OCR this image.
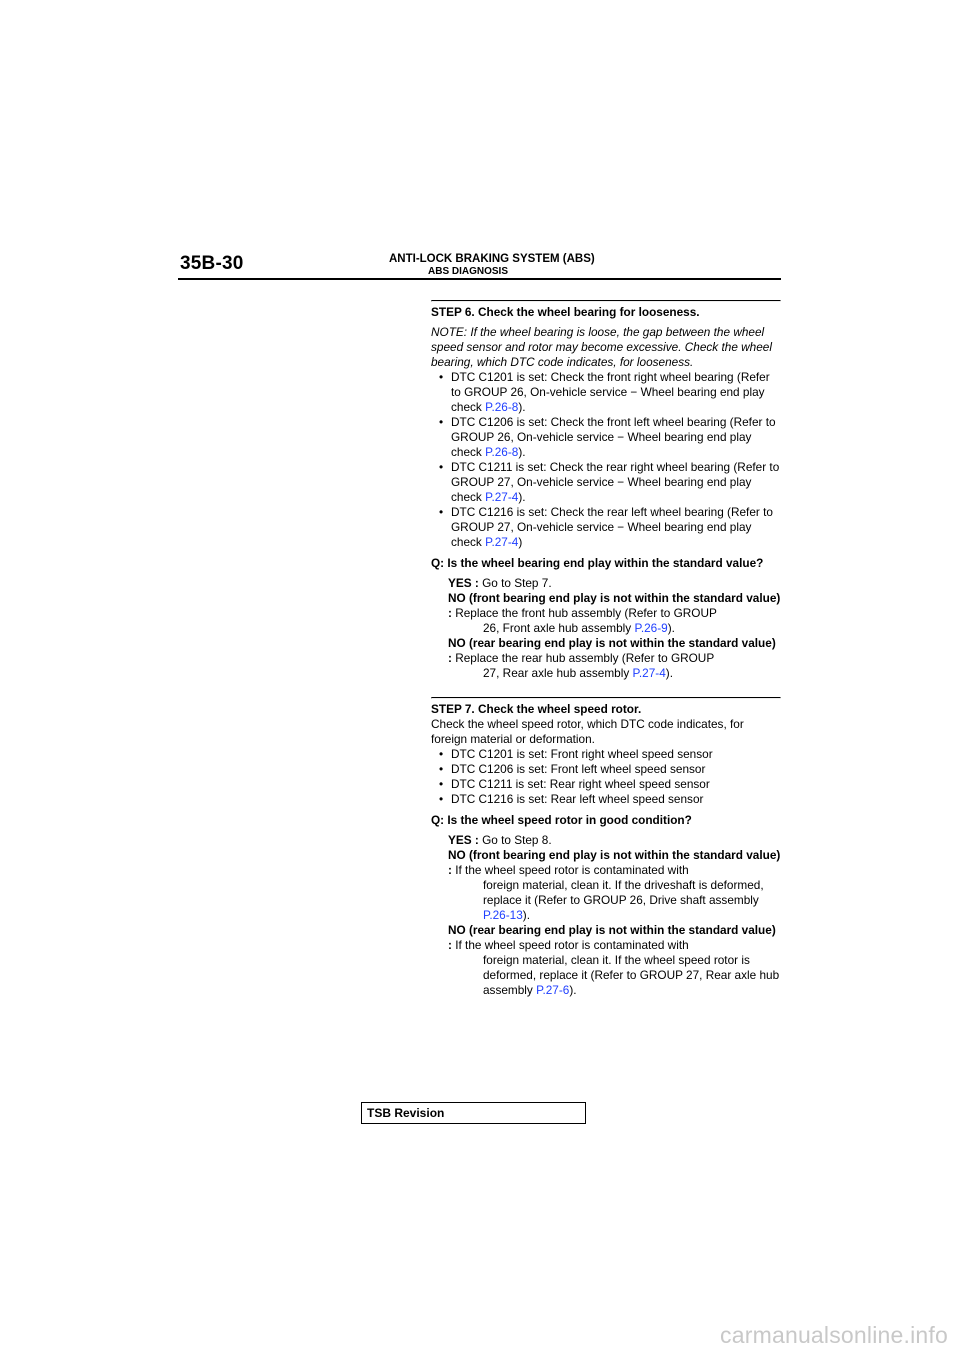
35B-30	ANTI-LOCK BRAKING SYSTEM (ABS)
ABS DIAGNOSIS
STEP 6. Check the wheel bearing for looseness.
NOTE: If the wheel bearing is loose, the gap between the wheel speed sensor and rotor may become excessive. Check the wheel bearing, which DTC code indicates, for looseness.
• DTC C1201 is set: Check the front right wheel bearing (Refer to GROUP 26, On-vehicle service − Wheel bearing end play check P.26-8).
• DTC C1206 is set: Check the front left wheel bearing (Refer to GROUP 26, On-vehicle service − Wheel bearing end play check P.26-8).
• DTC C1211 is set: Check the rear right wheel bearing (Refer to GROUP 27, On-vehicle service − Wheel bearing end play check P.27-4).
• DTC C1216 is set: Check the rear left wheel bearing (Refer to GROUP 27, On-vehicle service − Wheel bearing end play check P.27-4)
Q: Is the wheel bearing end play within the standard value?
YES : Go to Step 7.
NO (front bearing end play is not within the standard value) : Replace the front hub assembly (Refer to GROUP
26, Front axle hub assembly P.26-9).
NO (rear bearing end play is not within the standard value) : Replace the rear hub assembly (Refer to GROUP
27, Rear axle hub assembly P.27-4).
STEP 7. Check the wheel speed rotor.
Check the wheel speed rotor, which DTC code indicates, for foreign material or deformation.
• DTC C1201 is set: Front right wheel speed sensor
• DTC C1206 is set: Front left wheel speed sensor
• DTC C1211 is set: Rear right wheel speed sensor
• DTC C1216 is set: Rear left wheel speed sensor
Q: Is the wheel speed rotor in good condition?
YES : Go to Step 8.
NO (front bearing end play is not within the standard value) : If the wheel speed rotor is contaminated with
foreign material, clean it. If the driveshaft is deformed, replace it (Refer to GROUP 26, Drive shaft assembly P.26-13).
NO (rear bearing end play is not within the standard value) : If the wheel speed rotor is contaminated with
foreign material, clean it. If the wheel speed rotor is deformed, replace it (Refer to GROUP 27, Rear axle hub assembly P.27-6).
TSB Revision
carmanualsonline.info
